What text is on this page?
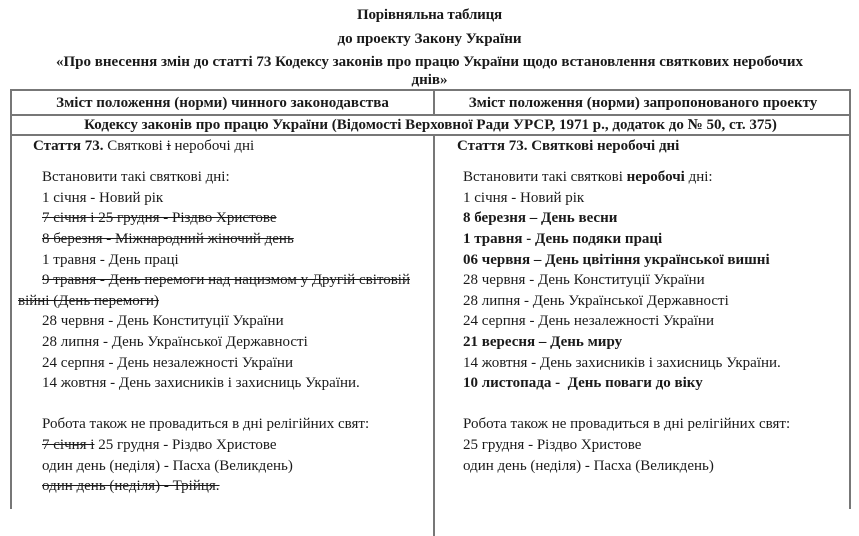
Порівняльна таблиця
до проекту Закону України
«Про внесення змін до статті 73 Кодексу законів про працю України щодо встановлення святкових неробочих
днів»
Зміст положення (норми) чинного законодавства	Зміст положення (норми) запропонованого проекту
Кодексу законів про працю України (Відомості Верховної Ради УРСР, 1971 р., додаток до № 50, ст. 375)
Стаття 73. Святкові і неробочі дні
Встановити такі святкові дні:
1 січня - Новий рік
7 січня і 25 грудня - Різдво Христове
8 березня - Міжнародний жіночий день
1 травня - День праці
9 травня - День перемоги над нацизмом у Другій світовій
війні (День перемоги)
28 червня - День Конституції України
28 липня - День Української Державності
24 серпня - День незалежності України
14 жовтня - День захисників і захисниць України.
Робота також не провадиться в дні релігійних свят:
7 січня і 25 грудня - Різдво Христове
один день (неділя) - Пасха (Великдень)
один день (неділя) - Трійця.
Стаття 73. Святкові неробочі дні
Встановити такі святкові неробочі дні:
1 січня - Новий рік
8 березня – День весни
1 травня - День подяки праці
06 червня – День цвітіння української вишні
28 червня - День Конституції України
28 липня - День Української Державності
24 серпня - День незалежності України
21 вересня – День миру
14 жовтня - День захисників і захисниць України.
10 листопада -  День поваги до віку
Робота також не провадиться в дні релігійних свят:
25 грудня - Різдво Христове
один день (неділя) - Пасха (Великдень)
